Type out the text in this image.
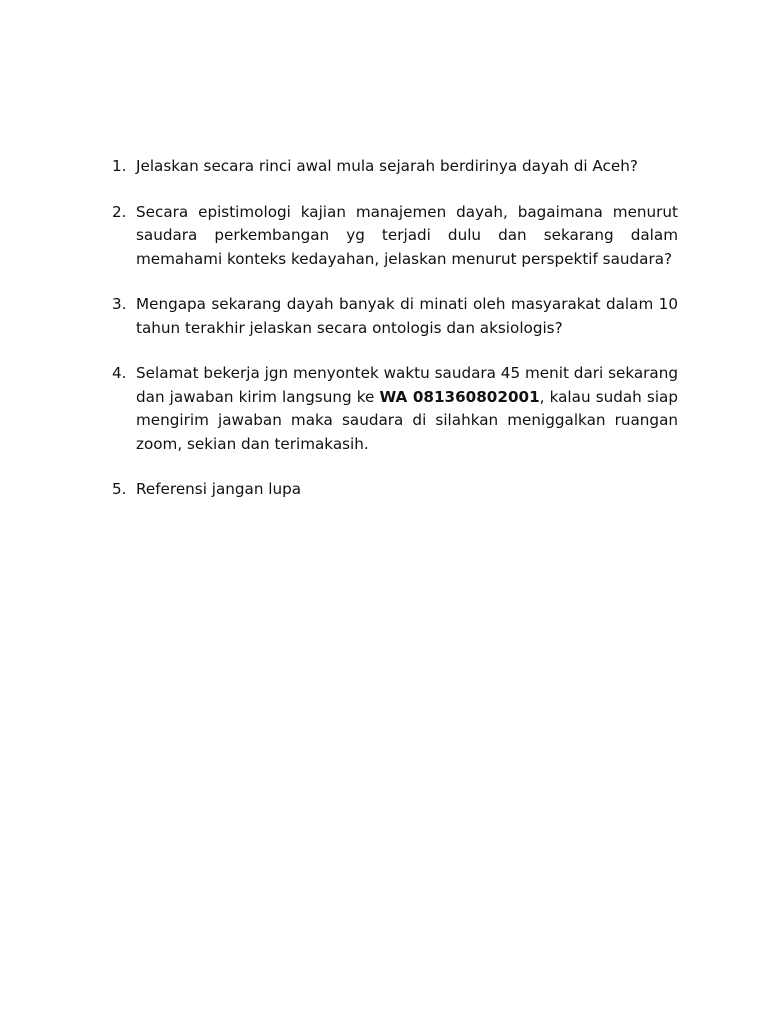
1. Jelaskan secara rinci awal mula sejarah berdirinya dayah di Aceh?
2. Secara epistimologi kajian manajemen dayah, bagaimana menurut saudara perkembangan yg terjadi dulu dan sekarang dalam memahami konteks kedayahan, jelaskan menurut perspektif saudara?
3. Mengapa sekarang dayah banyak di minati oleh masyarakat dalam 10 tahun terakhir jelaskan secara ontologis dan aksiologis?
4. Selamat bekerja jgn menyontek waktu saudara 45 menit dari sekarang dan jawaban kirim langsung ke WA 081360802001, kalau sudah siap mengirim jawaban maka saudara di silahkan meniggalkan ruangan zoom, sekian dan terimakasih.
5. Referensi jangan lupa
